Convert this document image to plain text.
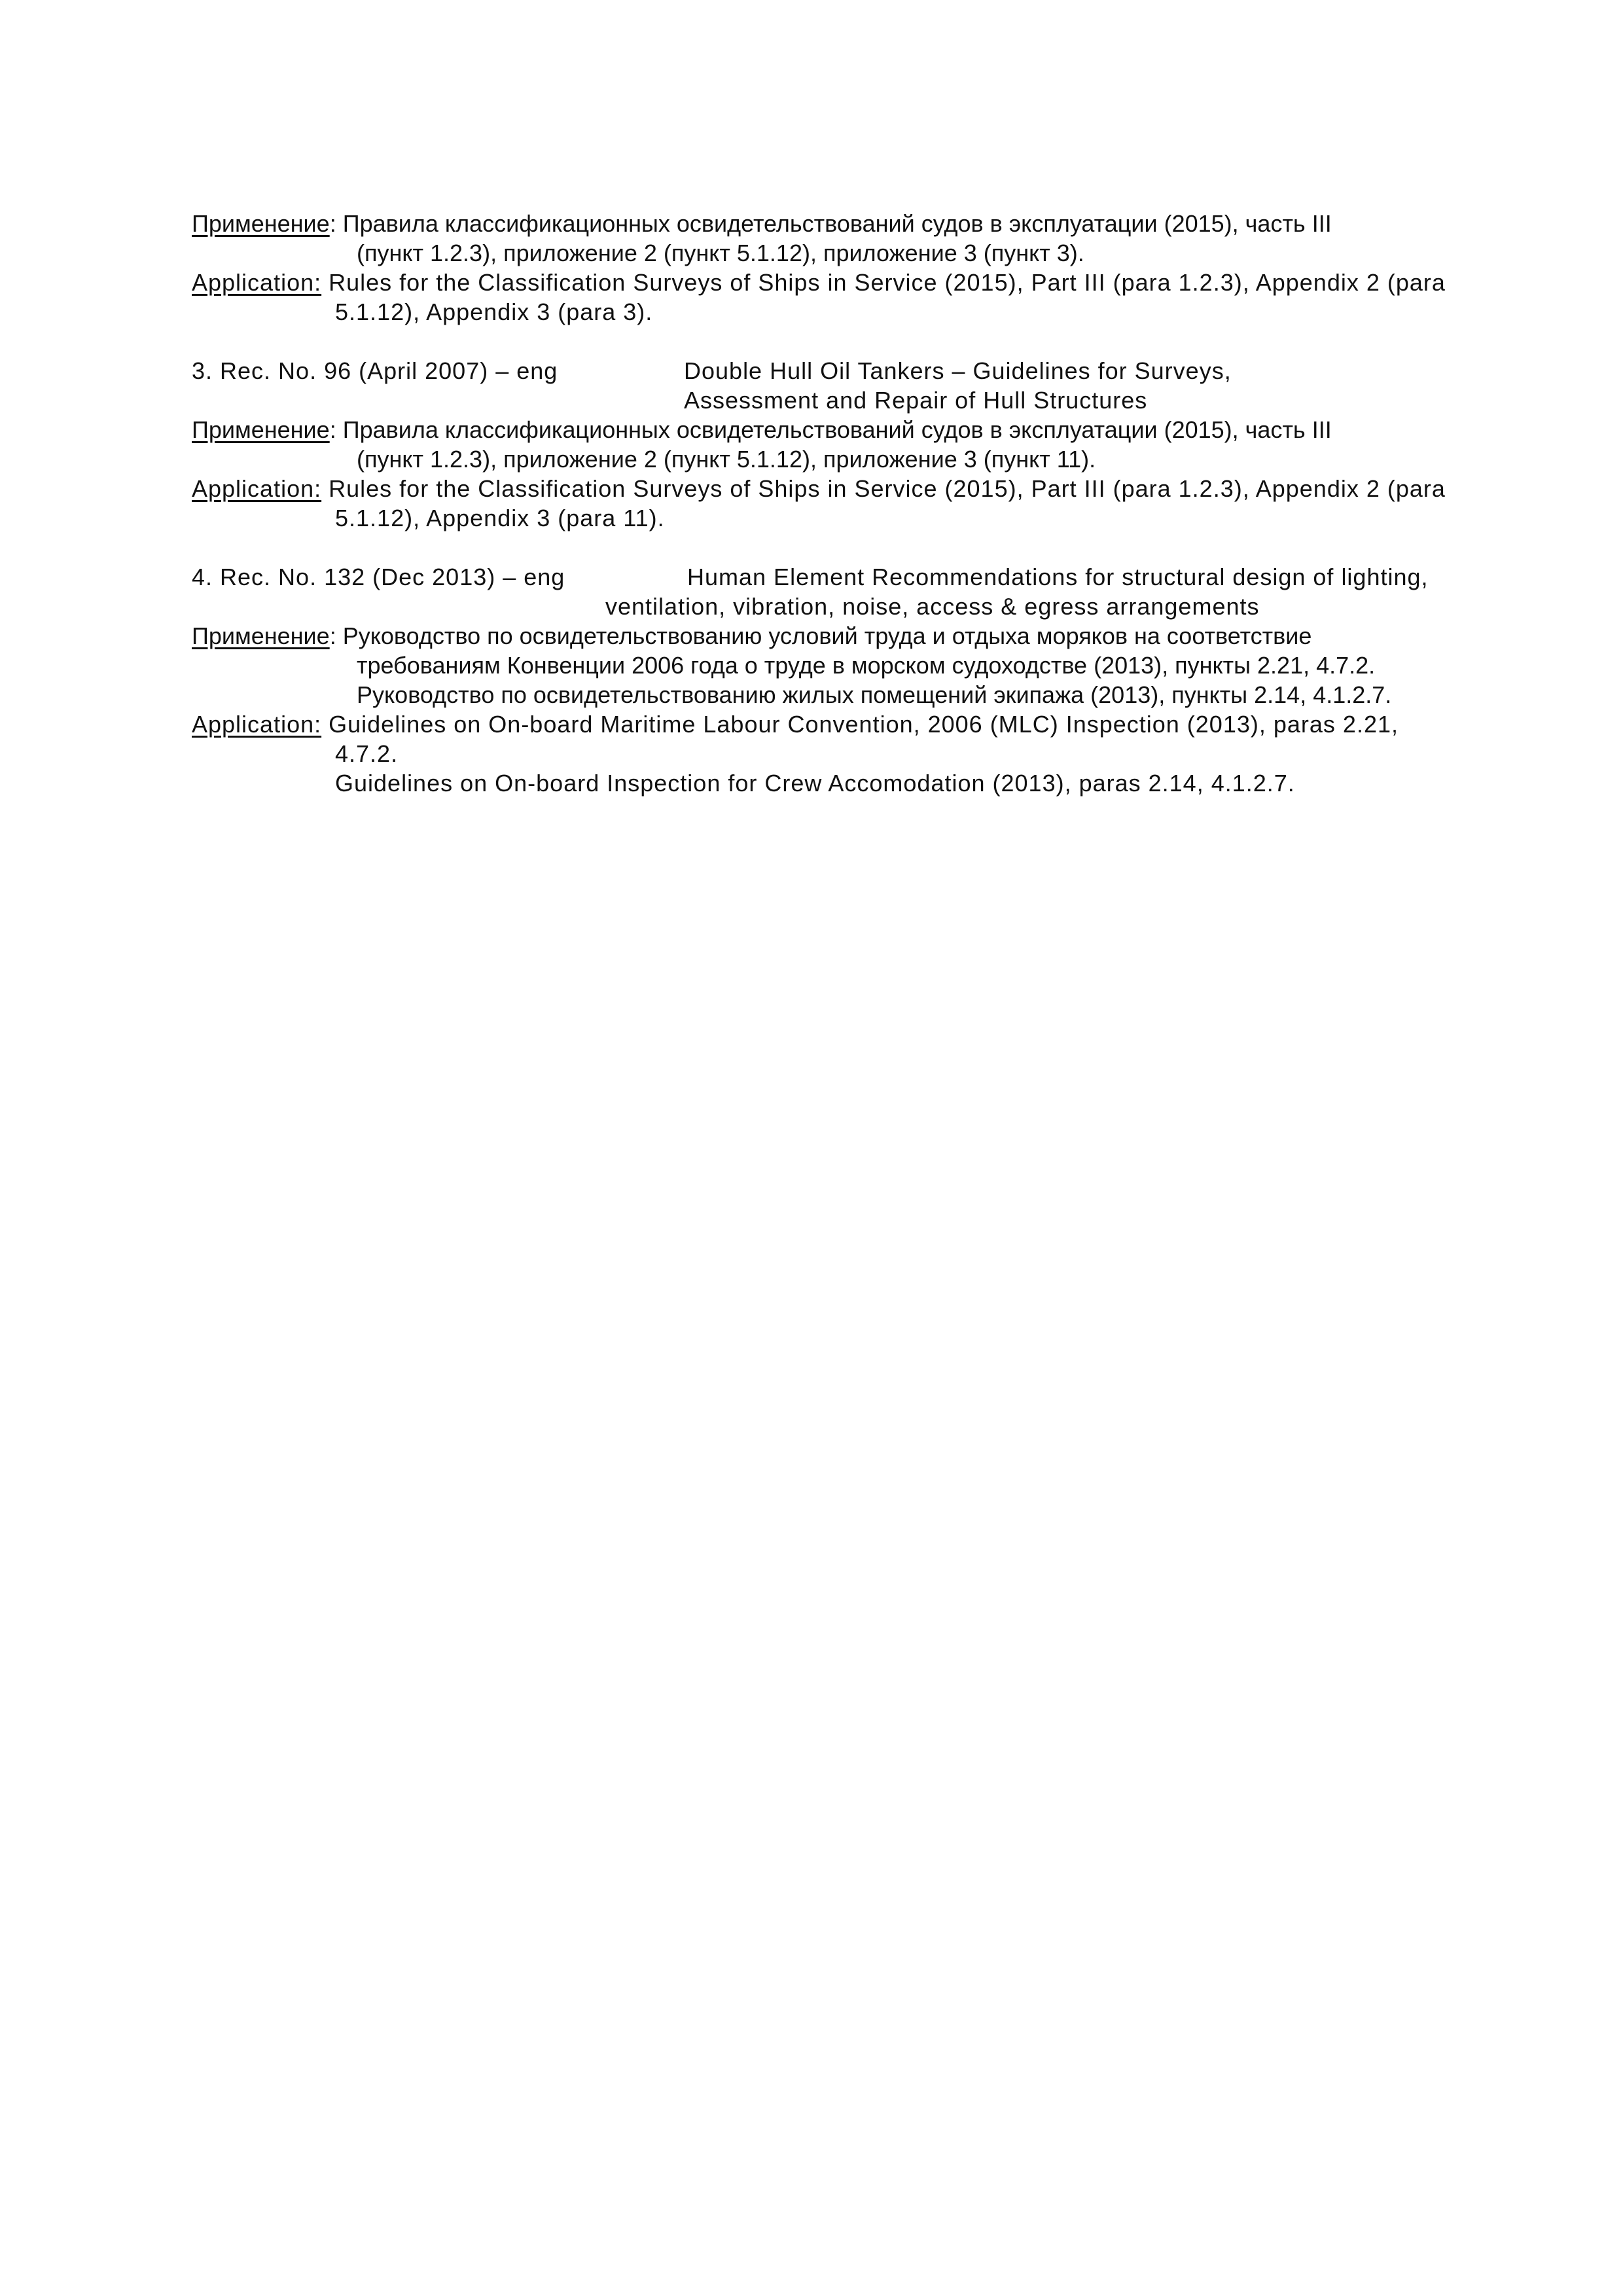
Применение: Правила классификационных освидетельствований судов в эксплуатации (2015), часть III
(пункт 1.2.3), приложение 2 (пункт 5.1.12), приложение 3 (пункт 3).
Application: Rules for the Classification Surveys of Ships in Service (2015), Part III (para 1.2.3), Appendix 2 (para
5.1.12), Appendix 3 (para 3).
3. Rec. No. 96 (April 2007) – eng	Double Hull Oil Tankers – Guidelines for Surveys,
Assessment and Repair of Hull Structures
Применение: Правила классификационных освидетельствований судов в эксплуатации (2015), часть III
(пункт 1.2.3), приложение 2 (пункт 5.1.12), приложение 3 (пункт 11).
Application: Rules for the Classification Surveys of Ships in Service (2015), Part III (para 1.2.3), Appendix 2 (para
5.1.12), Appendix 3 (para 11).
4. Rec. No. 132 (Dec 2013) – eng	Human Element Recommendations for structural design of lighting,
ventilation, vibration, noise, access & egress arrangements
Применение: Руководство по освидетельствованию условий труда и отдыха моряков на соответствие
требованиям Конвенции 2006 года о труде в морском судоходстве (2013), пункты 2.21, 4.7.2.
Руководство по освидетельствованию жилых помещений экипажа (2013), пункты 2.14, 4.1.2.7.
Application: Guidelines on On-board Maritime Labour Convention, 2006 (MLC) Inspection (2013), paras 2.21,
4.7.2.
Guidelines on On-board Inspection for Crew Accomodation (2013), paras 2.14, 4.1.2.7.
